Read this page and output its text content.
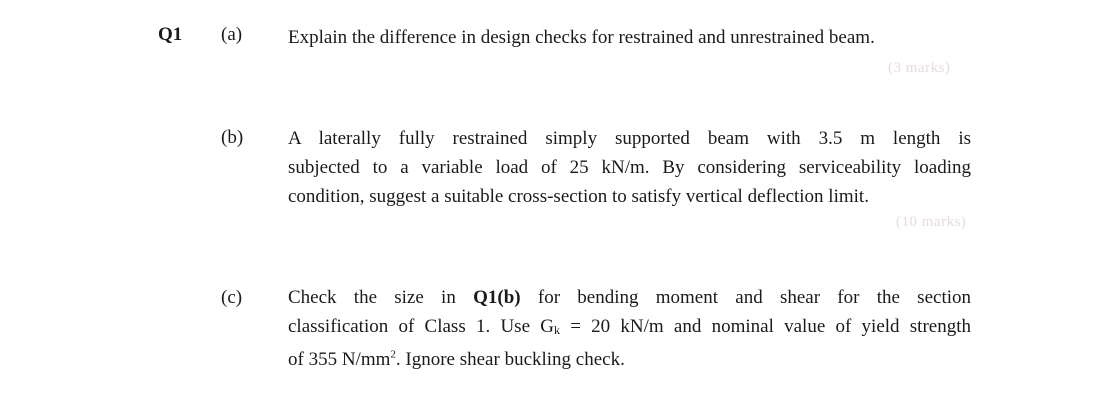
Q1 (a) Explain the difference in design checks for restrained and unrestrained beam.
(3 marks)
(b) A laterally fully restrained simply supported beam with 3.5 m length is
subjected to a variable load of 25 kN/m. By considering serviceability loading
condition, suggest a suitable cross-section to satisfy vertical deflection limit.
(10 marks)
(c) Check the size in Q1(b) for bending moment and shear for the section
classification of Class 1. Use Gk = 20 kN/m and nominal value of yield strength
of 355 $N/mm^2$. Ignore shear buckling check.
